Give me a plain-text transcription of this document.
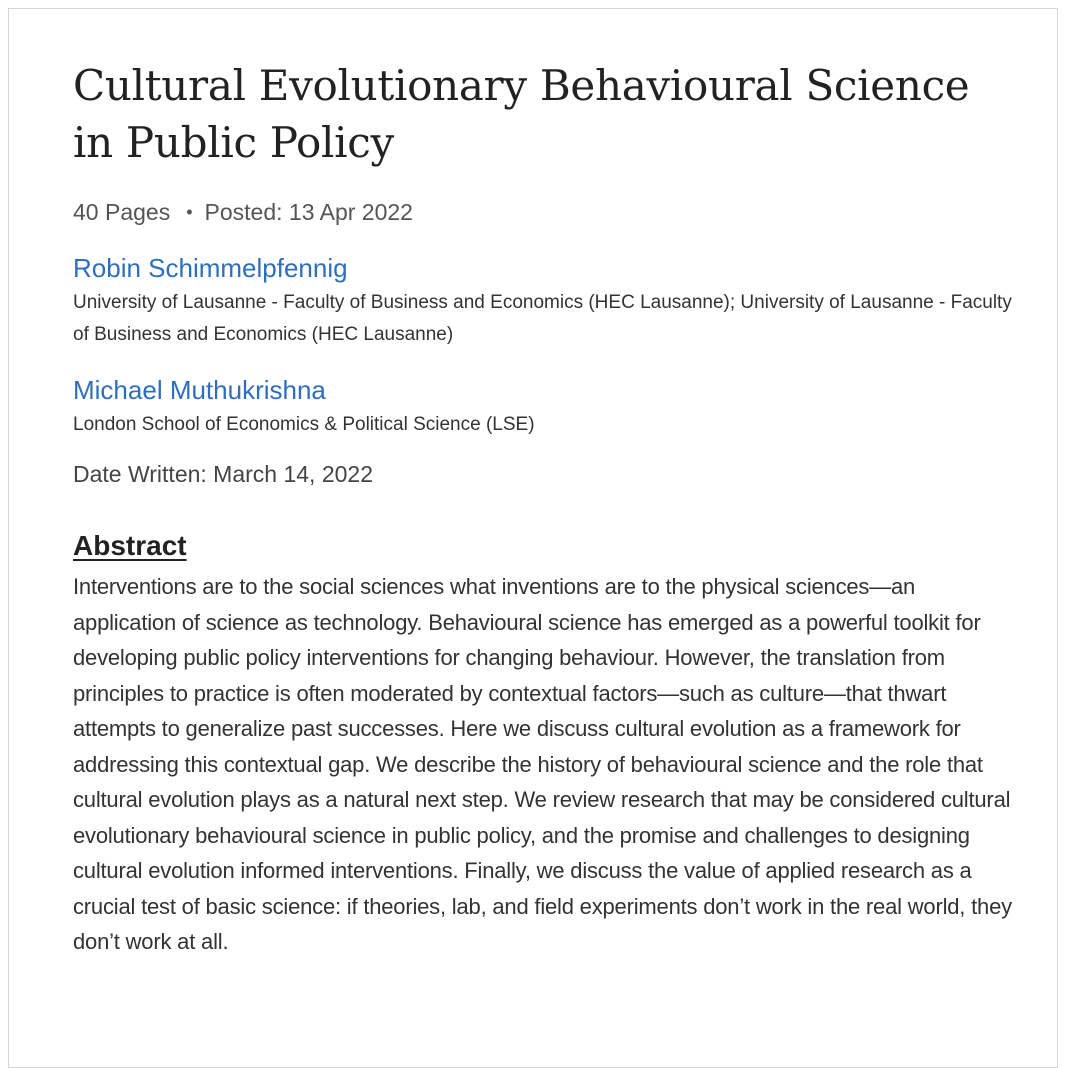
Cultural Evolutionary Behavioural Science in Public Policy
40 Pages • Posted: 13 Apr 2022
Robin Schimmelpfennig
University of Lausanne - Faculty of Business and Economics (HEC Lausanne); University of Lausanne - Faculty of Business and Economics (HEC Lausanne)
Michael Muthukrishna
London School of Economics & Political Science (LSE)
Date Written: March 14, 2022
Abstract
Interventions are to the social sciences what inventions are to the physical sciences—an application of science as technology. Behavioural science has emerged as a powerful toolkit for developing public policy interventions for changing behaviour. However, the translation from principles to practice is often moderated by contextual factors—such as culture—that thwart attempts to generalize past successes. Here we discuss cultural evolution as a framework for addressing this contextual gap. We describe the history of behavioural science and the role that cultural evolution plays as a natural next step. We review research that may be considered cultural evolutionary behavioural science in public policy, and the promise and challenges to designing cultural evolution informed interventions. Finally, we discuss the value of applied research as a crucial test of basic science: if theories, lab, and field experiments don’t work in the real world, they don’t work at all.
